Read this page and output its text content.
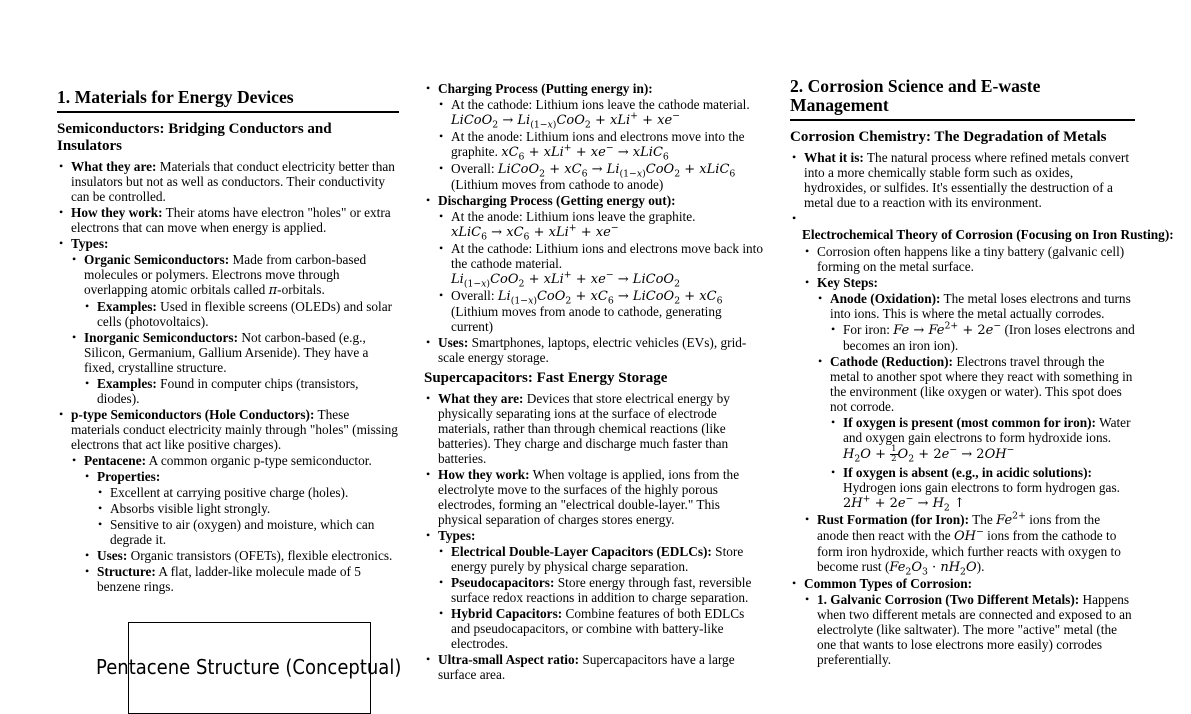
1. Materials for Energy Devices
Semiconductors: Bridging Conductors and Insulators
• What they are: Materials that conduct electricity better than insulators but not as well as conductors. Their conductivity can be controlled.
• How they work: Their atoms have electron "holes" or extra electrons that can move when energy is applied.
• Types:
• Organic Semiconductors: Made from carbon-based molecules or polymers. Electrons move through overlapping atomic orbitals called π-orbitals.
• Examples: Used in flexible screens (OLEDs) and solar cells (photovoltaics).
• Inorganic Semiconductors: Not carbon-based (e.g., Silicon, Germanium, Gallium Arsenide). They have a fixed, crystalline structure.
• Examples: Found in computer chips (transistors, diodes).
• p-type Semiconductors (Hole Conductors): These materials conduct electricity mainly through "holes" (missing electrons that act like positive charges).
• Pentacene: A common organic p-type semiconductor.
• Properties:
• Excellent at carrying positive charge (holes).
• Absorbs visible light strongly.
• Sensitive to air (oxygen) and moisture, which can degrade it.
• Uses: Organic transistors (OFETs), flexible electronics.
• Structure: A flat, ladder-like molecule made of 5 benzene rings.
Pentacene Structure (Conceptual)
• Charging Process (Putting energy in):
• At the cathode: Lithium ions leave the cathode material. LiCoO$_2$ → $Li_{(1-x)}CoO_2 + xLi^+ + xe^-$
• At the anode: Lithium ions and electrons move into the graphite. $xC_6 + xLi^+ + xe^-$ → xLiC$_6$
• Overall: LiCoO$_2$ + $xC_6 \to Li_{(1-x)}CoO_2$ + xLiC$_6$ (Lithium moves from cathode to anode)
• Discharging Process (Getting energy out):
• At the anode: Lithium ions leave the graphite. xLiC$_6$ → $xC_6 + xLi^+ + xe^-$
• At the cathode: Lithium ions and electrons move back into the cathode material. $Li_{(1-x)}CoO_2 + xLi^+ + xe^-$ → LiCoO$_2$
• Overall: $Li_{(1-x)}CoO_2 + xC_6$ → LiCoO$_2$ + $xC_6$ (Lithium moves from anode to cathode, generating current)
• Uses: Smartphones, laptops, electric vehicles (EVs), grid-scale energy storage.
Supercapacitors: Fast Energy Storage
• What they are: Devices that store electrical energy by physically separating ions at the surface of electrode materials, rather than through chemical reactions (like batteries). They charge and discharge much faster than batteries.
• How they work: When voltage is applied, ions from the electrolyte move to the surfaces of the highly porous electrodes, forming an "electrical double-layer." This physical separation of charges stores energy.
• Types:
• Electrical Double-Layer Capacitors (EDLCs): Store energy purely by physical charge separation.
• Pseudocapacitors: Store energy through fast, reversible surface redox reactions in addition to charge separation.
• Hybrid Capacitors: Combine features of both EDLCs and pseudocapacitors, or combine with battery-like electrodes.
• Ultra-small Aspect ratio: Supercapacitors have a large surface area.
2. Corrosion Science and E-waste Management
Corrosion Chemistry: The Degradation of Metals
• What it is: The natural process where refined metals convert into a more chemically stable form such as oxides, hydroxides, or sulfides. It's essentially the destruction of a metal due to a reaction with its environment.
•
Electrochemical Theory of Corrosion (Focusing on Iron Rusting):
• Corrosion often happens like a tiny battery (galvanic cell) forming on the metal surface.
• Key Steps:
• Anode (Oxidation): The metal loses electrons and turns into ions. This is where the metal actually corrodes.
• For iron: $Fe \to Fe^{2+} + 2e^-$ (Iron loses electrons and becomes an iron ion).
• Cathode (Reduction): Electrons travel through the metal to another spot where they react with something in the environment (like oxygen or water). This spot does not corrode.
• If oxygen is present (most common for iron): Water and oxygen gain electrons to form hydroxide ions. $H_2O + \frac{1}{2} O_2 + 2e^- \to 2OH^-$
• If oxygen is absent (e.g., in acidic solutions): Hydrogen ions gain electrons to form hydrogen gas. $2H^+ + 2e^- \to H_2$ ↑
• Rust Formation (for Iron): The $Fe^{2+}$ ions from the anode then react with the OH− ions from the cathode to form iron hydroxide, which further reacts with oxygen to become rust $(Fe_2O_3 \cdot nH_2O)$.
• Common Types of Corrosion:
• 1. Galvanic Corrosion (Two Different Metals): Happens when two different metals are connected and exposed to an electrolyte (like saltwater). The more "active" metal (the one that wants to lose electrons more easily) corrodes preferentially.
